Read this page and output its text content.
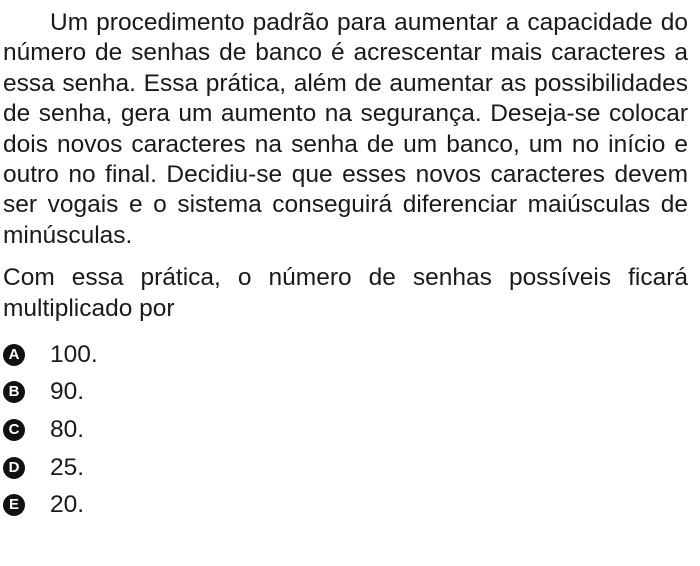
Um procedimento padrão para aumentar a capacidade do número de senhas de banco é acrescentar mais caracteres a essa senha. Essa prática, além de aumentar as possibilidades de senha, gera um aumento na segurança. Deseja-se colocar dois novos caracteres na senha de um banco, um no início e outro no final. Decidiu-se que esses novos caracteres devem ser vogais e o sistema conseguirá diferenciar maiúsculas de minúsculas.

Com essa prática, o número de senhas possíveis ficará multiplicado por

A 100.
B 90.
C 80.
D 25.
E 20.
